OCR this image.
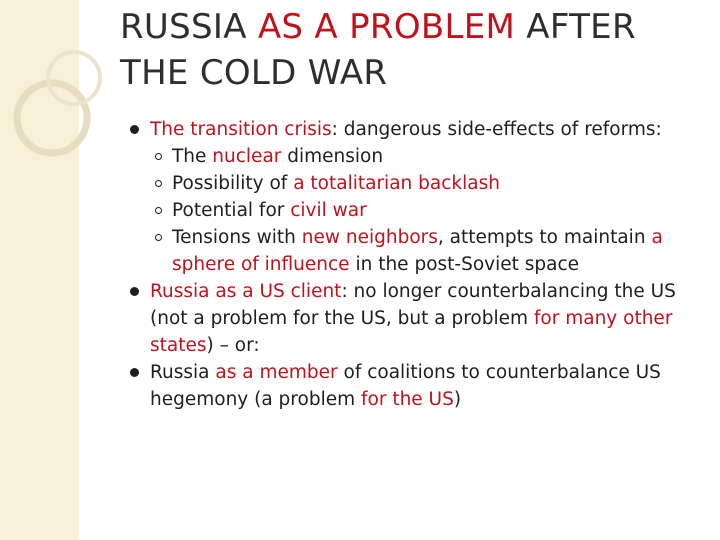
RUSSIA AS A PROBLEM AFTER THE COLD WAR
The transition crisis: dangerous side-effects of reforms:
The nuclear dimension
Possibility of a totalitarian backlash
Potential for civil war
Tensions with new neighbors, attempts to maintain a sphere of influence in the post-Soviet space
Russia as a US client: no longer counterbalancing the US (not a problem for the US, but a problem for many other states) – or:
Russia as a member of coalitions to counterbalance US hegemony (a problem for the US)
